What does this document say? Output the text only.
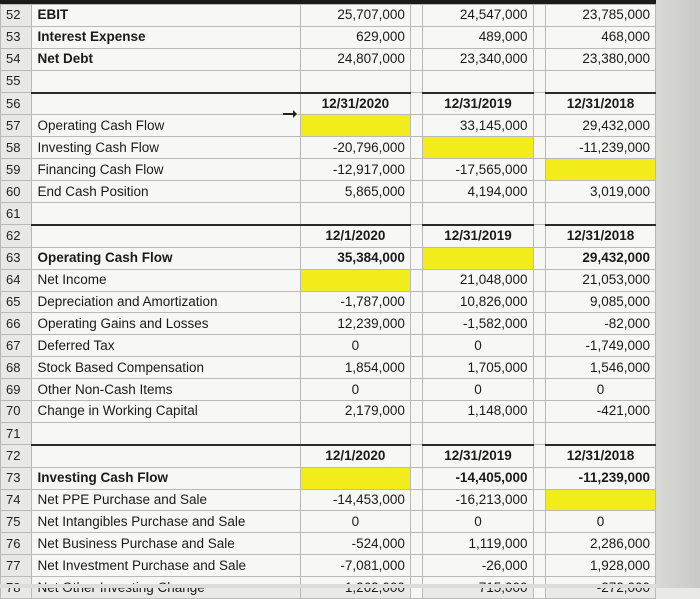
52	EBIT	25,707,000		24,547,000		23,785,000
53	Interest Expense	629,000		489,000		468,000
54	Net Debt	24,807,000		23,340,000		23,380,000
55						
56		12/31/2020		12/31/2019		12/31/2018
57	Operating Cash Flow			33,145,000		29,432,000
58	Investing Cash Flow	-20,796,000				-11,239,000
59	Financing Cash Flow	-12,917,000		-17,565,000		
60	End Cash Position	5,865,000		4,194,000		3,019,000
61						
62		12/1/2020		12/31/2019		12/31/2018
63	Operating Cash Flow	35,384,000				29,432,000
64	Net Income			21,048,000		21,053,000
65	Depreciation and Amortization	-1,787,000		10,826,000		9,085,000
66	Operating Gains and Losses	12,239,000		-1,582,000		-82,000
67	Deferred Tax	0		0		-1,749,000
68	Stock Based Compensation	1,854,000		1,705,000		1,546,000
69	Other Non-Cash Items	0		0		0
70	Change in Working Capital	2,179,000		1,148,000		-421,000
71						
72		12/1/2020		12/31/2019		12/31/2018
73	Investing Cash Flow			-14,405,000		-11,239,000
74	Net PPE Purchase and Sale	-14,453,000		-16,213,000		
75	Net Intangibles Purchase and Sale	0		0		0
76	Net Business Purchase and Sale	-524,000		1,119,000		2,286,000
77	Net Investment Purchase and Sale	-7,081,000		-26,000		1,928,000
